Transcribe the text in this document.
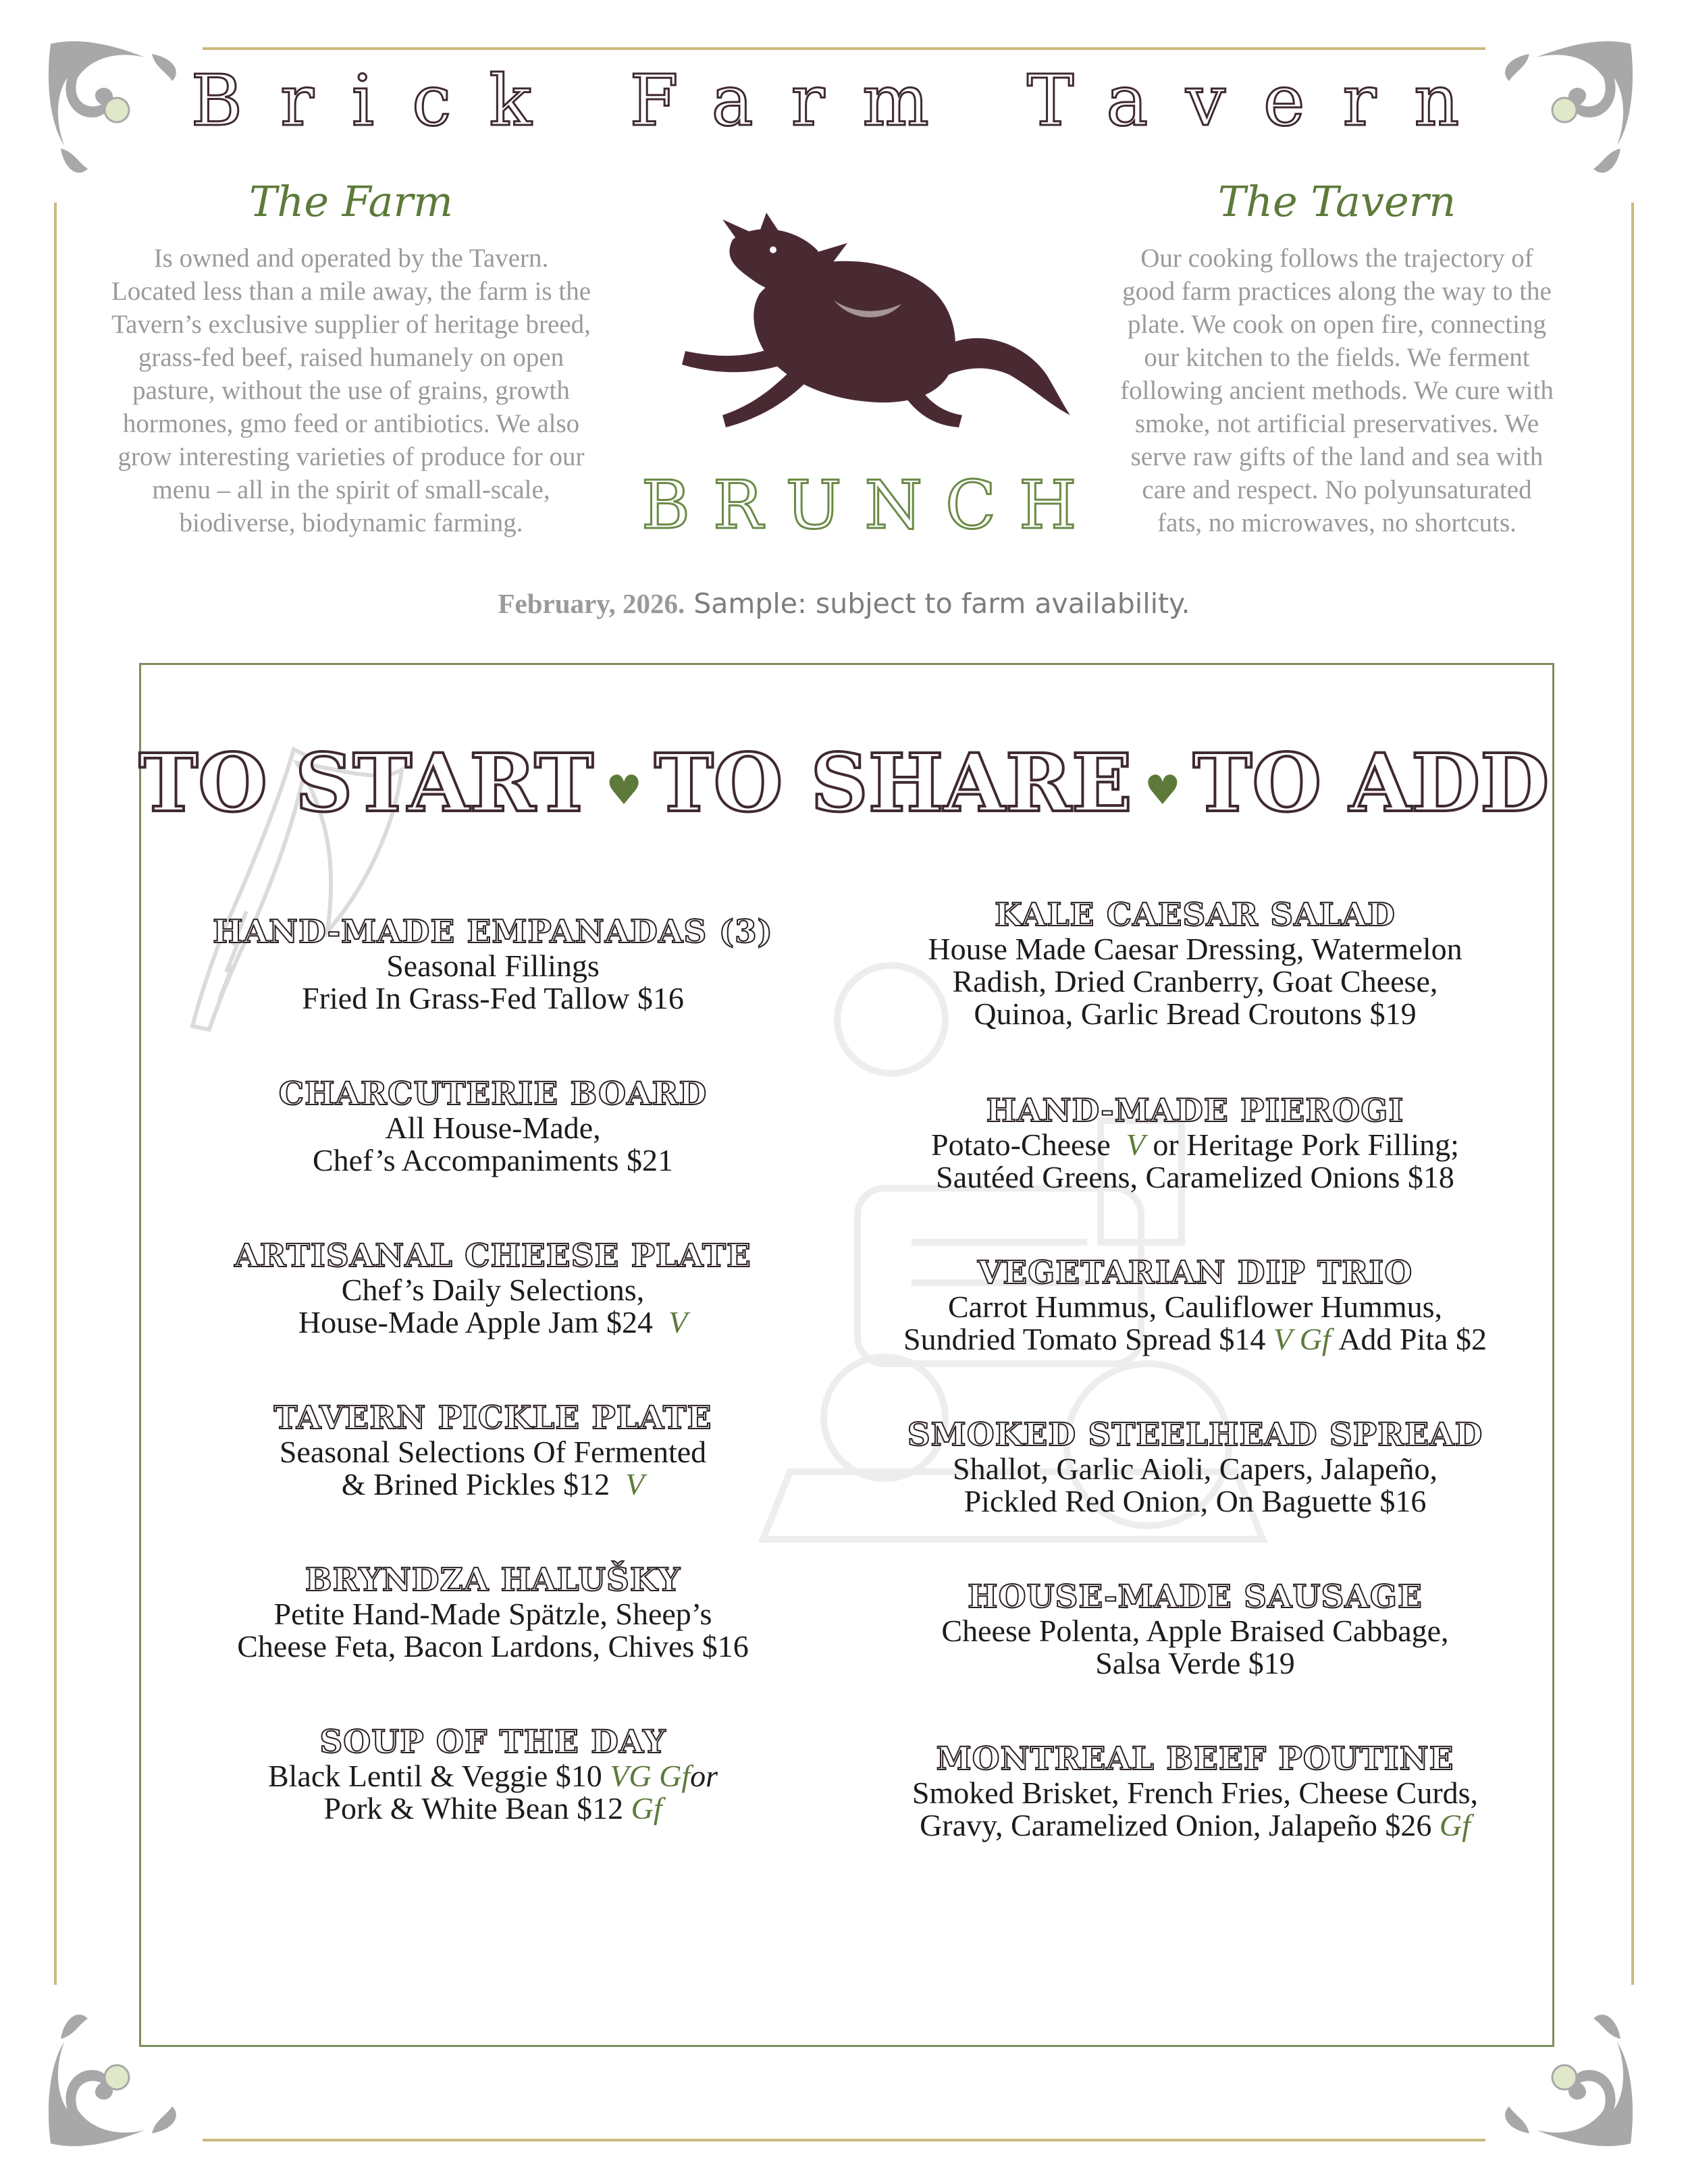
Brick Farm Tavern
The Farm
Is owned and operated by the Tavern.
Located less than a mile away, the farm is the
Tavern’s exclusive supplier of heritage breed,
grass-fed beef, raised humanely on open
pasture, without the use of grains, growth
hormones, gmo feed or antibiotics. We also
grow interesting varieties of produce for our
menu – all in the spirit of small-scale,
biodiverse, biodynamic farming.
The Tavern
Our cooking follows the trajectory of
good farm practices along the way to the
plate. We cook on open fire, connecting
our kitchen to the fields. We ferment
following ancient methods. We cure with
smoke, not artificial preservatives. We
serve raw gifts of the land and sea with
care and respect. No polyunsaturated
fats, no microwaves, no shortcuts.
BRUNCH
February, 2026. Sample: subject to farm availability.
TO START ♥ TO SHARE ♥ TO ADD
HAND-MADE EMPANADAS (3)
Seasonal Fillings
Fried In Grass-Fed Tallow $16
CHARCUTERIE BOARD
All House-Made,
Chef’s Accompaniments $21
ARTISANAL CHEESE PLATE
Chef’s Daily Selections,
House-Made Apple Jam $24 V
TAVERN PICKLE PLATE
Seasonal Selections Of Fermented
& Brined Pickles $12 V
BRYNDZA HALUŠKY
Petite Hand-Made Spätzle, Sheep’s
Cheese Feta, Bacon Lardons, Chives $16
SOUP OF THE DAY
Black Lentil & Veggie $10 VG Gfor
Pork & White Bean $12 Gf
KALE CAESAR SALAD
House Made Caesar Dressing, Watermelon
Radish, Dried Cranberry, Goat Cheese,
Quinoa, Garlic Bread Croutons $19
HAND-MADE PIEROGI
Potato-Cheese V or Heritage Pork Filling;
Sautéed Greens, Caramelized Onions $18
VEGETARIAN DIP TRIO
Carrot Hummus, Cauliflower Hummus,
Sundried Tomato Spread $14 V Gf Add Pita $2
SMOKED STEELHEAD SPREAD
Shallot, Garlic Aioli, Capers, Jalapeño,
Pickled Red Onion, On Baguette $16
HOUSE-MADE SAUSAGE
Cheese Polenta, Apple Braised Cabbage,
Salsa Verde $19
MONTREAL BEEF POUTINE
Smoked Brisket, French Fries, Cheese Curds,
Gravy, Caramelized Onion, Jalapeño $26 Gf
